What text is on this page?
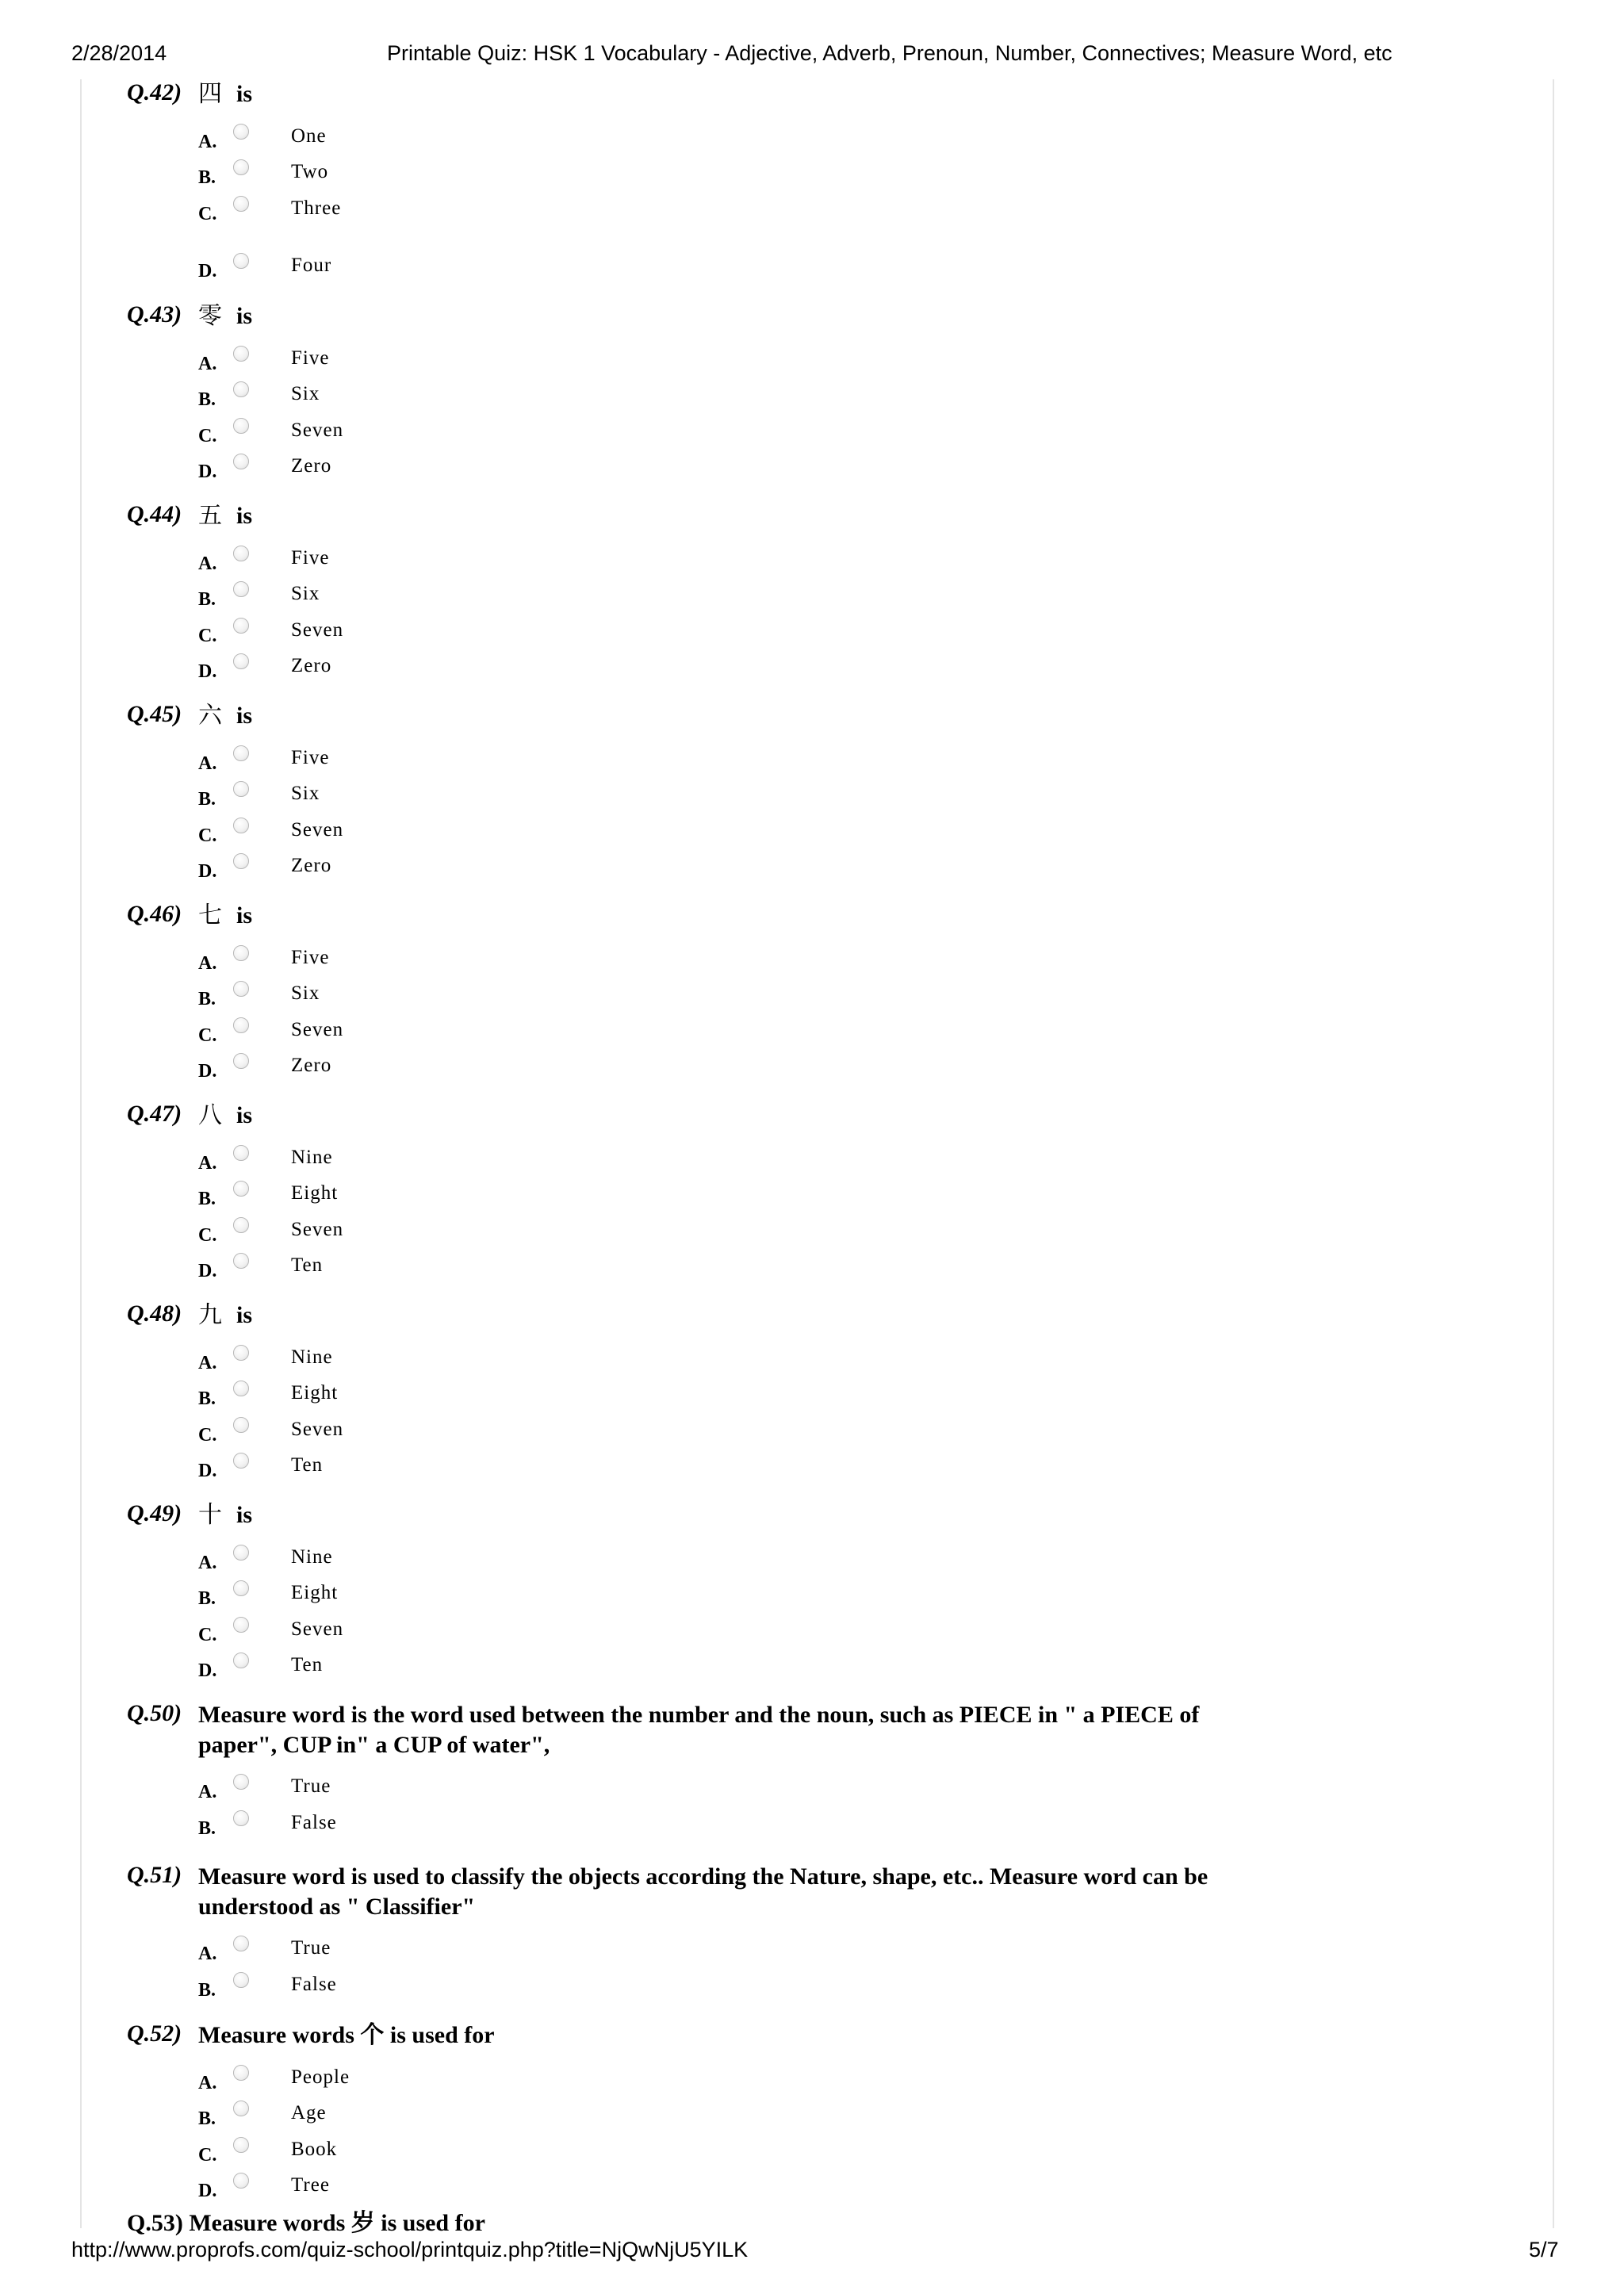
2/28/2014	Printable Quiz: HSK 1 Vocabulary - Adjective, Adverb, Prenoun, Number, Connectives; Measure Word, etc
Q.42) 四 is
A.	One
B.	Two
C.	Three
D.	Four
Q.43) 零 is
A.	Five
B.	Six
C.	Seven
D.	Zero
Q.44) 五 is
A.	Five
B.	Six
C.	Seven
D.	Zero
Q.45) 六 is
A.	Five
B.	Six
C.	Seven
D.	Zero
Q.46) 七 is
A.	Five
B.	Six
C.	Seven
D.	Zero
Q.47) 八 is
A.	Nine
B.	Eight
C.	Seven
D.	Ten
Q.48) 九 is
A.	Nine
B.	Eight
C.	Seven
D.	Ten
Q.49) 十 is
A.	Nine
B.	Eight
C.	Seven
D.	Ten
Q.50) Measure word is the word used between the number and the noun, such as PIECE in " a PIECE of paper", CUP in" a CUP of water",
A.	True
B.	False
Q.51) Measure word is used to classify the objects according the Nature, shape, etc.. Measure word can be understood as " Classifier"
A.	True
B.	False
Q.52) Measure words 个 is used for
A.	People
B.	Age
C.	Book
D.	Tree
Q.53) Measure words 岁 is used for
http://www.proprofs.com/quiz-school/printquiz.php?title=NjQwNjU5YILK	5/7
